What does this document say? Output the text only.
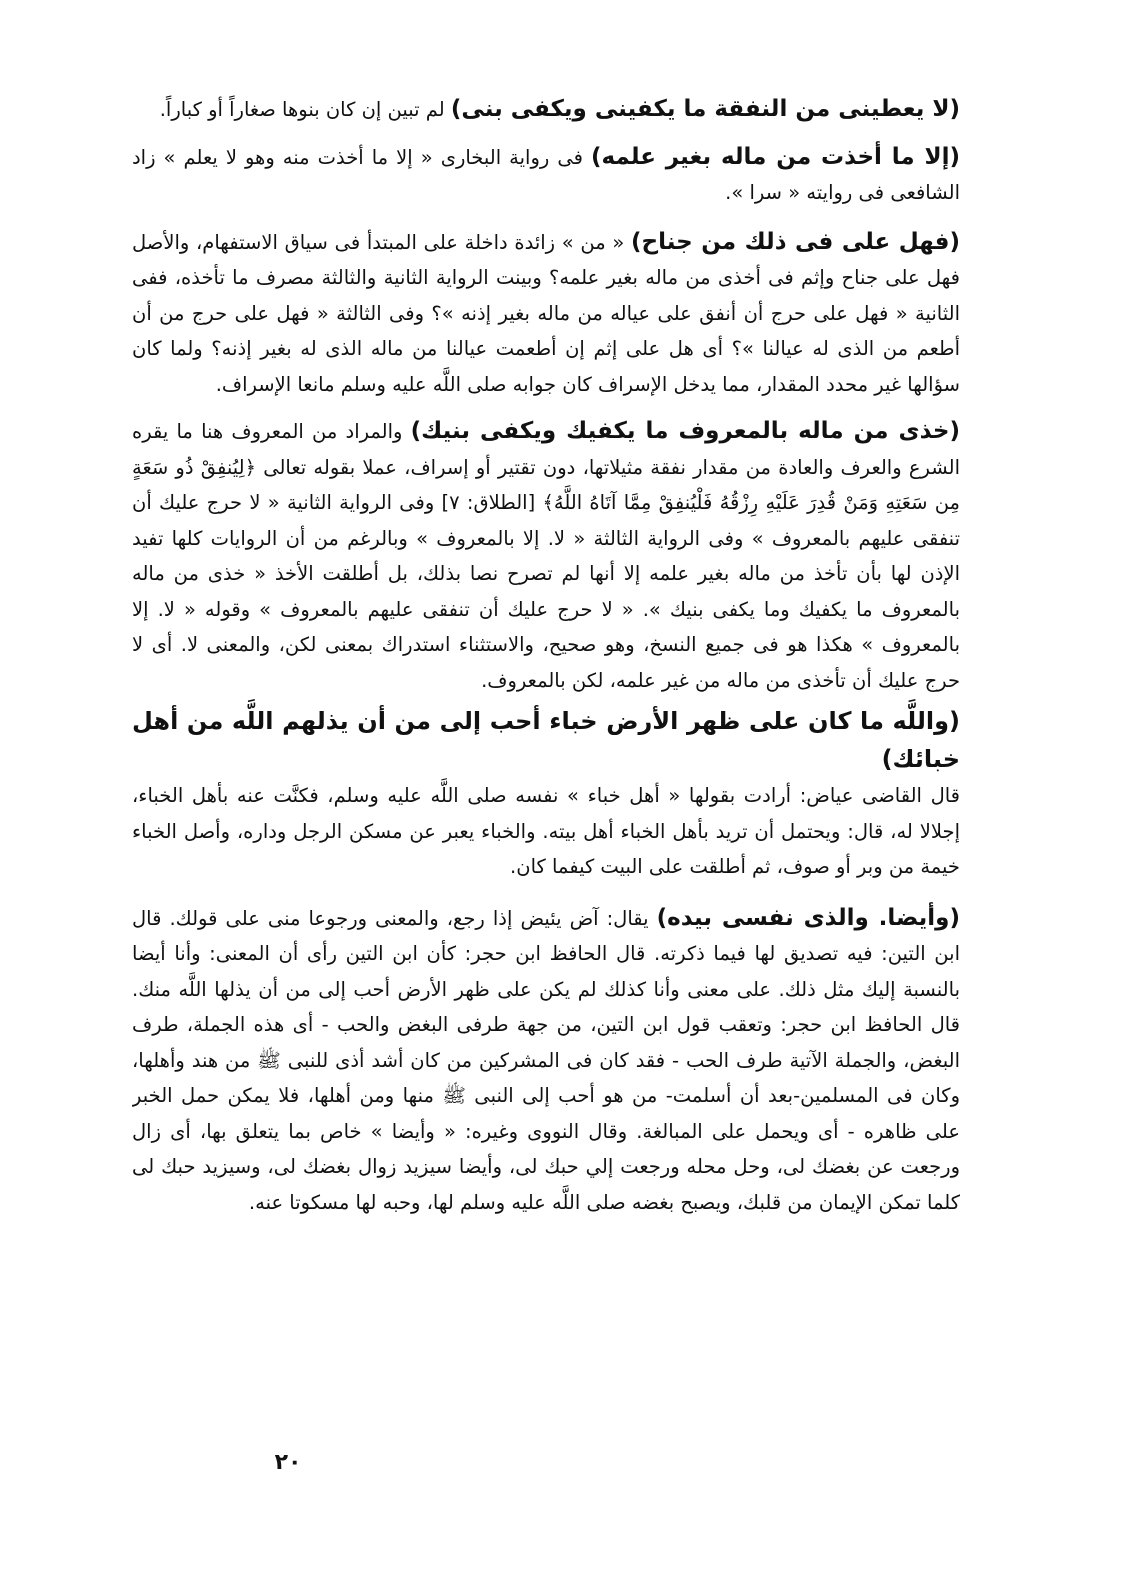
(لا يعطينى من النفقة ما يكفينى ويكفى بنى) لم تبين إن كان بنوها صغاراً أو كباراً.

(إلا ما أخذت من ماله بغير علمه) فى رواية البخارى « إلا ما أخذت منه وهو لا يعلم » زاد الشافعى فى روايته « سرا ».

(فهل على فى ذلك من جناح) « من » زائدة داخلة على المبتدأ فى سياق الاستفهام، والأصل فهل على جناح وإثم فى أخذى من ماله بغير علمه؟ وبينت الرواية الثانية والثالثة مصرف ما تأخذه، ففى الثانية « فهل على حرج أن أنفق على عياله من ماله بغير إذنه »؟ وفى الثالثة « فهل على حرج من أن أطعم من الذى له عيالنا »؟ أى هل على إثم إن أطعمت عيالنا من ماله الذى له بغير إذنه؟ ولما كان سؤالها غير محدد المقدار، مما يدخل الإسراف كان جوابه صلى اللَّه عليه وسلم مانعا الإسراف.

(خذى من ماله بالمعروف ما يكفيك ويكفى بنيك) والمراد من المعروف هنا ما يقره الشرع والعرف والعادة من مقدار نفقة مثيلاتها، دون تقتير أو إسراف، عملا بقوله تعالى ﴿لِيُنفِقْ ذُو سَعَةٍ مِن سَعَتِهِ وَمَنْ قُدِرَ عَلَيْهِ رِزْقُهُ فَلْيُنفِقْ مِمَّا آتَاهُ اللَّهُ﴾ [الطلاق: ٧] وفى الرواية الثانية « لا حرج عليك أن تنفقى عليهم بالمعروف » وفى الرواية الثالثة « لا. إلا بالمعروف » وبالرغم من أن الروايات كلها تفيد الإذن لها بأن تأخذ من ماله بغير علمه إلا أنها لم تصرح نصا بذلك، بل أطلقت الأخذ « خذى من ماله بالمعروف ما يكفيك وما يكفى بنيك ». « لا حرج عليك أن تنفقى عليهم بالمعروف » وقوله « لا. إلا بالمعروف » هكذا هو فى جميع النسخ، وهو صحيح، والاستثناء استدراك بمعنى لكن، والمعنى لا. أى لا حرج عليك أن تأخذى من ماله من غير علمه، لكن بالمعروف.

(واللَّه ما كان على ظهر الأرض خباء أحب إلى من أن يذلهم اللَّه من أهل خبائك)

قال القاضى عياض: أرادت بقولها « أهل خباء » نفسه صلى اللَّه عليه وسلم، فكنَّت عنه بأهل الخباء، إجلالا له، قال: ويحتمل أن تريد بأهل الخباء أهل بيته. والخباء يعبر عن مسكن الرجل وداره، وأصل الخباء خيمة من وبر أو صوف، ثم أطلقت على البيت كيفما كان.

(وأيضا. والذى نفسى بيده) يقال: آض يئيض إذا رجع، والمعنى ورجوعا منى على قولك. قال ابن التين: فيه تصديق لها فيما ذكرته. قال الحافظ ابن حجر: كأن ابن التين رأى أن المعنى: وأنا أيضا بالنسبة إليك مثل ذلك. على معنى وأنا كذلك لم يكن على ظهر الأرض أحب إلى من أن يذلها اللَّه منك. قال الحافظ ابن حجر: وتعقب قول ابن التين، من جهة طرفى البغض والحب - أى هذه الجملة، طرف البغض، والجملة الآتية طرف الحب - فقد كان فى المشركين من كان أشد أذى للنبى ﷺ من هند وأهلها، وكان فى المسلمين-بعد أن أسلمت- من هو أحب إلى النبى ﷺ منها ومن أهلها، فلا يمكن حمل الخبر على ظاهره - أى ويحمل على المبالغة. وقال النووى وغيره: « وأيضا » خاص بما يتعلق بها، أى زال ورجعت عن بغضك لى، وحل محله ورجعت إلي حبك لى، وأيضا سيزيد زوال بغضك لى، وسيزيد حبك لى كلما تمكن الإيمان من قلبك، ويصبح بغضه صلى اللَّه عليه وسلم لها، وحبه لها مسكوتا عنه.

٢٠
